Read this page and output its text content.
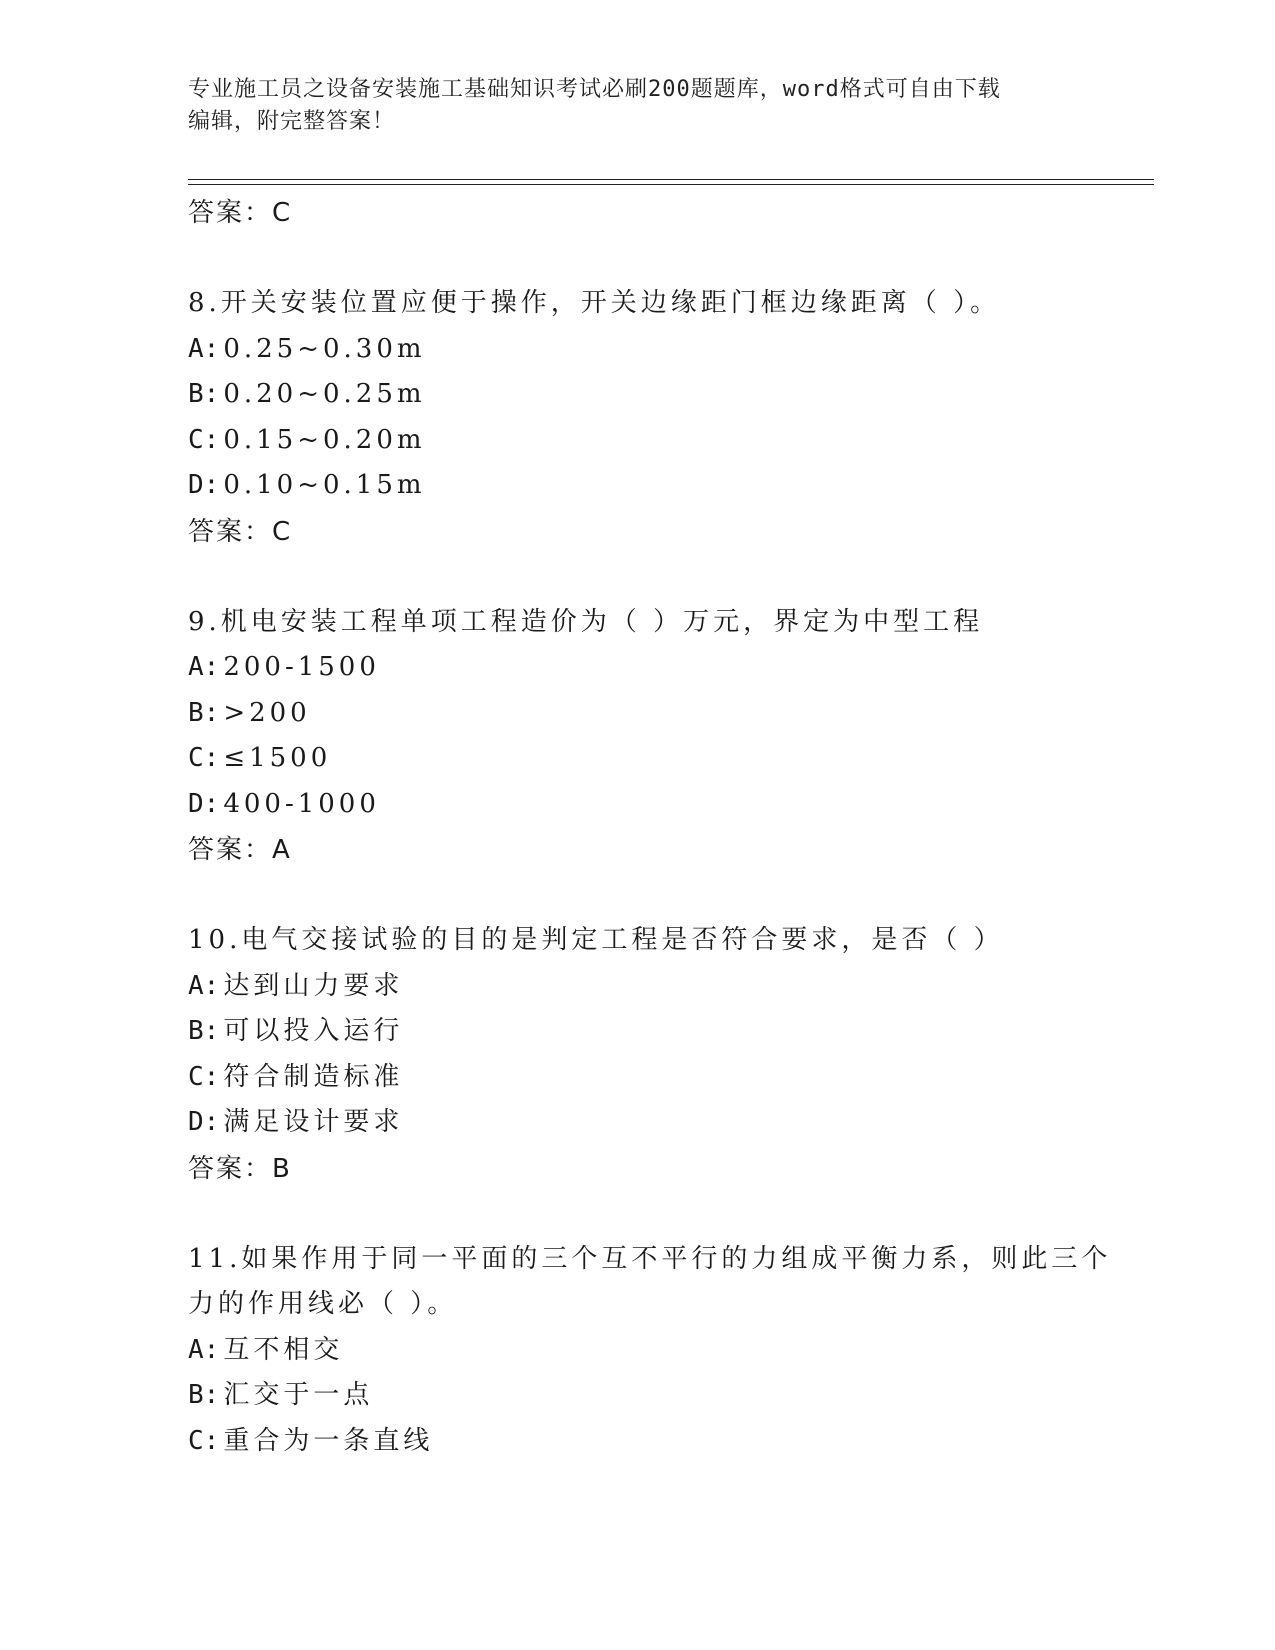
专业施工员之设备安装施工基础知识考试必刷200题题库，word格式可自由下载
编辑，附完整答案！
答案：C
8.开关安装位置应便于操作，开关边缘距门框边缘距离（ ）。
A: 0.25~0.30m
B: 0.20~0.25m
C: 0.15~0.20m
D: 0.10~0.15m
答案：C
9.机电安装工程单项工程造价为（ ）万元，界定为中型工程
A: 200-1500
B: >200
C: ≤1500
D: 400-1000
答案：A
10.电气交接试验的目的是判定工程是否符合要求，是否（ ）
A: 达到山力要求
B: 可以投入运行
C: 符合制造标准
D: 满足设计要求
答案：B
11.如果作用于同一平面的三个互不平行的力组成平衡力系，则此三个
力的作用线必（ ）。
A: 互不相交
B: 汇交于一点
C: 重合为一条直线
